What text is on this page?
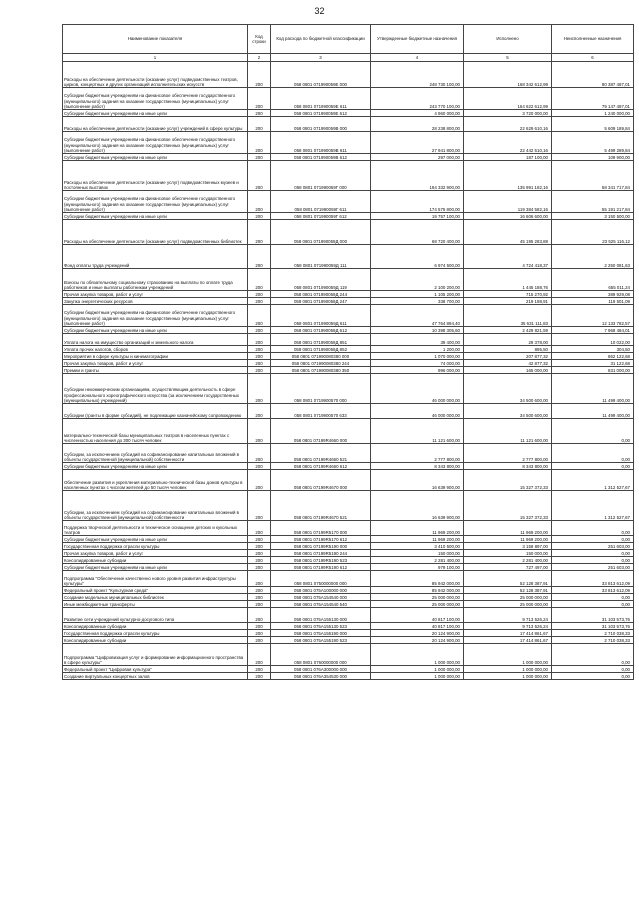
32
Наименование показателя	Код строки	Код расхода по бюджетной классификации	Утвержденные бюджетные назначения	Исполнено	Неисполненные назначения
1	2	3	4	5	6
Расходы на обеспечение деятельности (оказание услуг) подведомственных театров, цирков, концертных и других организаций исполнительских искусств	200	058 0801 071990059Е 000	248 730 100,00	168 342 612,99	80 387 487,01
Субсидии бюджетным учреждениям на финансовое обеспечение государственного (муниципального) задания на оказание государственных (муниципальных) услуг (выполнение работ)	200	058 0801 071990059Е 611	243 770 100,00	164 622 612,99	79 147 487,01
Субсидии бюджетным учреждениям на иные цели	200	058 0801 071990059Е 612	4 960 000,00	3 720 000,00	1 240 000,00
Расходы на обеспечение деятельности (оказание услуг) учреждений в сфере культуры	200	058 0801 071990059В 000	28 238 800,00	22 629 610,16	5 609 189,84
Субсидии бюджетным учреждениям на финансовое обеспечение государственного (муниципального) задания на оказание государственных (муниципальных) услуг (выполнение работ)	200	058 0801 071990059В 611	27 941 800,00	22 442 510,16	5 499 289,84
Субсидии бюджетным учреждениям на иные цели	200	058 0801 071990059В 612	297 000,00	187 100,00	109 900,00
Расходы на обеспечение деятельности (оказание услуг) подведомственных музеев и постоянных выставок	200	058 0801 071990059Г 000	194 332 900,00	135 991 182,16	58 341 717,84
Субсидии бюджетным учреждениям на финансовое обеспечение государственного (муниципального) задания на оказание государственных (муниципальных) услуг (выполнение работ)	200	058 0801 071990059Г 611	174 575 800,00	119 384 582,16	55 191 217,84
Субсидии бюджетным учреждениям на иные цели	200	058 0801 071990059Г 612	19 757 100,00	16 606 600,00	3 150 500,00
Расходы на обеспечение деятельности (оказание услуг) подведомственных библиотек	200	058 0801 071990059Д 000	68 720 400,00	45 195 283,88	23 525 116,12
Фонд оплаты труда учреждений	200	058 0801 071990059Д 111	6 974 500,00	4 724 418,37	2 250 081,63
Взносы по обязательному социальному страхованию на выплаты по оплате труда работников и иные выплаты работникам учреждений	200	058 0801 071990059Д 119	2 100 200,00	1 445 188,76	655 011,24
Прочая закупка товаров, работ и услуг	200	058 0801 071990059Д 244	1 105 200,00	715 270,92	389 929,08
Закупка энергетических ресурсов	200	058 0801 071990059Д 247	338 700,00	219 198,91	119 501,09
Субсидии бюджетным учреждениям на финансовое обеспечение государственного (муниципального) задания на оказание государственных (муниципальных) услуг (выполнение работ)	200	058 0801 071990059Д 611	47 764 894,40	35 631 111,83	12 133 782,57
Субсидии бюджетным учреждениям на иные цели	200	058 0801 071990059Д 612	10 398 305,60	2 429 821,59	7 968 484,01
Уплата налога на имущество организаций и земельного налога	200	058 0801 071990059Д 851	39 400,00	29 378,00	10 022,00
Уплата прочих налогов, сборов	200	058 0801 071990059Д 852	1 200,00	895,50	304,50
Мероприятия в сфере культуры и кинематографии	200	058 0801 071990080380 000	1 070 000,00	207 877,32	862 122,68
Прочая закупка товаров, работ и услуг	200	058 0801 071990080380 244	74 000,00	42 877,32	31 122,68
Премии и гранты	200	058 0801 071990080380 350	996 000,00	165 000,00	831 000,00
Субсидии некоммерческим организациям, осуществляющим деятельность в сфере профессионального хореографического искусства (за исключением государственных (муниципальных) учреждений)	200	058 0801 0719900570 000	46 000 000,00	34 500 600,00	11 499 400,00
Субсидии (гранты в форме субсидий), не подлежащие казначейскому сопровождению	200	058 0801 0719900570 633	46 000 000,00	34 500 600,00	11 499 400,00
материально-технической базы муниципальных театров в населенных пунктах с численностью населения до 300 тысяч человек	200	058 0801 07199R4660 000	11 121 600,00	11 121 600,00	0,00
Субсидии, за исключением субсидий на софинансирование капитальных вложений в объекты государственной (муниципальной) собственности	200	058 0801 07199R4660 521	2 777 800,00	2 777 800,00	0,00
Субсидии бюджетным учреждениям на иные цели	200	058 0801 07199R4660 612	8 343 800,00	8 343 800,00	0,00
Обеспечение развития и укрепления материально-технической базы домов культуры в населенных пунктах с числом жителей до 50 тысяч человек	200	058 0801 07199R4670 000	16 639 900,00	15 327 372,33	1 312 527,67
Субсидии, за исключением субсидий на софинансирование капитальных вложений в объекты государственной (муниципальной) собственности	200	058 0801 07199R4670 521	16 639 900,00	15 327 372,33	1 312 527,67
Поддержка творческой деятельности и техническое оснащение детских и кукольных театров	200	058 0801 07199R5170 000	11 969 200,00	11 969 200,00	0,00
Субсидии бюджетным учреждениям на иные цели	200	058 0801 07199R5170 612	11 969 200,00	11 969 200,00	0,00
Государственная поддержка отрасли культуры	200	058 0801 07199R5190 000	3 410 500,00	3 158 897,00	251 603,00
Прочая закупка товаров, работ и услуг	200	058 0801 07199R5190 244	150 000,00	150 000,00	0,00
Консолидированные субсидии	200	058 0801 07199R5190 523	2 281 400,00	2 281 400,00	0,00
Субсидии бюджетным учреждениям на иные цели	200	058 0801 07199R5190 612	979 100,00	727 497,00	251 603,00
Подпрограмма "Обеспечение качественно нового уровня развития инфраструктуры культуры"	200	058 0801 0750000000 000	85 942 000,00	52 128 387,91	33 813 612,09
Федеральный проект "Культурная среда"	200	058 0801 075A100000 000	85 942 000,00	52 128 387,91	33 813 612,09
Создание модельных муниципальных библиотек	200	058 0801 075A154540 000	25 000 000,00	25 000 000,00	0,00
Иные межбюджетные трансферты	200	058 0801 075A154540 540	25 000 000,00	25 000 000,00	0,00
Развитие сети учреждений культурно-досугового типа	200	058 0801 075A155130 000	40 817 100,00	9 713 526,24	31 103 573,76
Консолидированные субсидии	200	058 0801 075A155130 523	40 817 100,00	9 713 526,24	31 103 573,76
Государственная поддержка отрасли культуры	200	058 0801 075A155190 000	20 124 900,00	17 414 861,67	2 710 038,33
Консолидированные субсидии	200	058 0801 075A155190 523	20 124 900,00	17 414 861,67	2 710 038,33
Подпрограмма "Цифровизация услуг и формирование информационного пространства в сфере культуры"	200	058 0801 0760000000 000	1 000 000,00	1 000 000,00	0,00
Федеральный проект "Цифровая культура"	200	058 0801 076A300000 000	1 000 000,00	1 000 000,00	0,00
Создание виртуальных концертных залов	200	058 0801 076A354530 000	1 000 000,00	1 000 000,00	0,00
